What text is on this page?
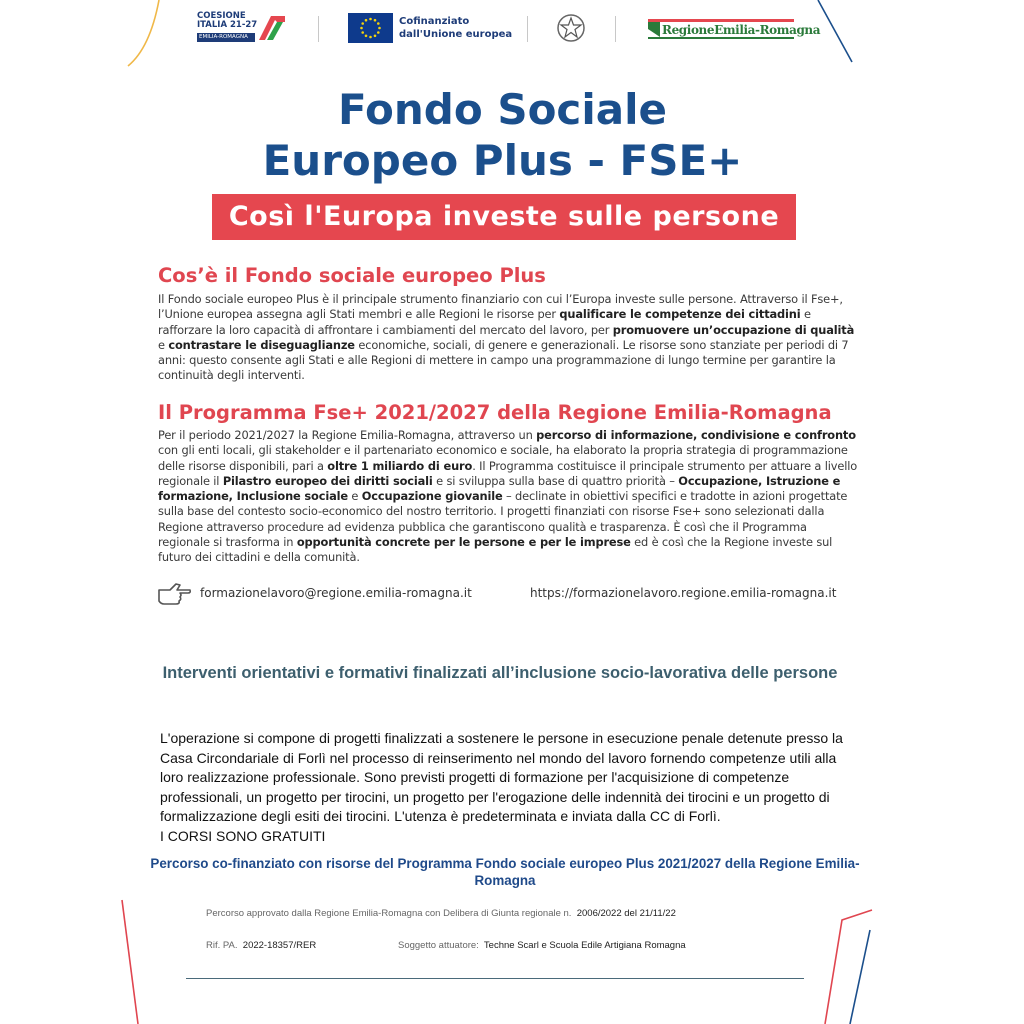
COESIONE
ITALIA 21-27
EMILIA-ROMAGNA
Cofinanziato
dall'Unione europea	RegioneEmilia-Romagna
Fondo Sociale
Europeo Plus - FSE+
Così l'Europa investe sulle persone
Cos’è il Fondo sociale europeo Plus
Il Fondo sociale europeo Plus è il principale strumento finanziario con cui l’Europa investe sulle persone. Attraverso il Fse+, l’Unione europea assegna agli Stati membri e alle Regioni le risorse per qualificare le competenze dei cittadini e rafforzare la loro capacità di affrontare i cambiamenti del mercato del lavoro, per promuovere un’occupazione di qualità e contrastare le diseguaglianze economiche, sociali, di genere e generazionali. Le risorse sono stanziate per periodi di 7 anni: questo consente agli Stati e alle Regioni di mettere in campo una programmazione di lungo termine per garantire la continuità degli interventi.
Il Programma Fse+ 2021/2027 della Regione Emilia-Romagna
Per il periodo 2021/2027 la Regione Emilia-Romagna, attraverso un percorso di informazione, condivisione e confronto con gli enti locali, gli stakeholder e il partenariato economico e sociale, ha elaborato la propria strategia di programmazione delle risorse disponibili, pari a oltre 1 miliardo di euro. Il Programma costituisce il principale strumento per attuare a livello regionale il Pilastro europeo dei diritti sociali e si sviluppa sulla base di quattro priorità – Occupazione, Istruzione e formazione, Inclusione sociale e Occupazione giovanile – declinate in obiettivi specifici e tradotte in azioni progettate sulla base del contesto socio-economico del nostro territorio. I progetti finanziati con risorse Fse+ sono selezionati dalla Regione attraverso procedure ad evidenza pubblica che garantiscono qualità e trasparenza. È così che il Programma regionale si trasforma in opportunità concrete per le persone e per le imprese ed è così che la Regione investe sul futuro dei cittadini e della comunità.
formazionelavoro@regione.emilia-romagna.it	https://formazionelavoro.regione.emilia-romagna.it
Interventi orientativi e formativi finalizzati all’inclusione socio-lavorativa delle persone
L'operazione si compone di progetti finalizzati a sostenere le persone in esecuzione penale detenute presso la Casa Circondariale di Forlì nel processo di reinserimento nel mondo del lavoro fornendo competenze utili alla loro realizzazione professionale. Sono previsti progetti di formazione per l'acquisizione di competenze professionali, un progetto per tirocini, un progetto per l'erogazione delle indennità dei tirocini e un progetto di formalizzazione degli esiti dei tirocini. L'utenza è predeterminata e inviata dalla CC di Forlì.
I CORSI SONO GRATUITI
Percorso co-finanziato con risorse del Programma Fondo sociale europeo Plus 2021/2027 della Regione Emilia-Romagna
Percorso approvato dalla Regione Emilia-Romagna con Delibera di Giunta regionale n. 2006/2022 del 21/11/22
Rif. PA. 2022-18357/RER	Soggetto attuatore: Techne Scarl e Scuola Edile Artigiana Romagna
